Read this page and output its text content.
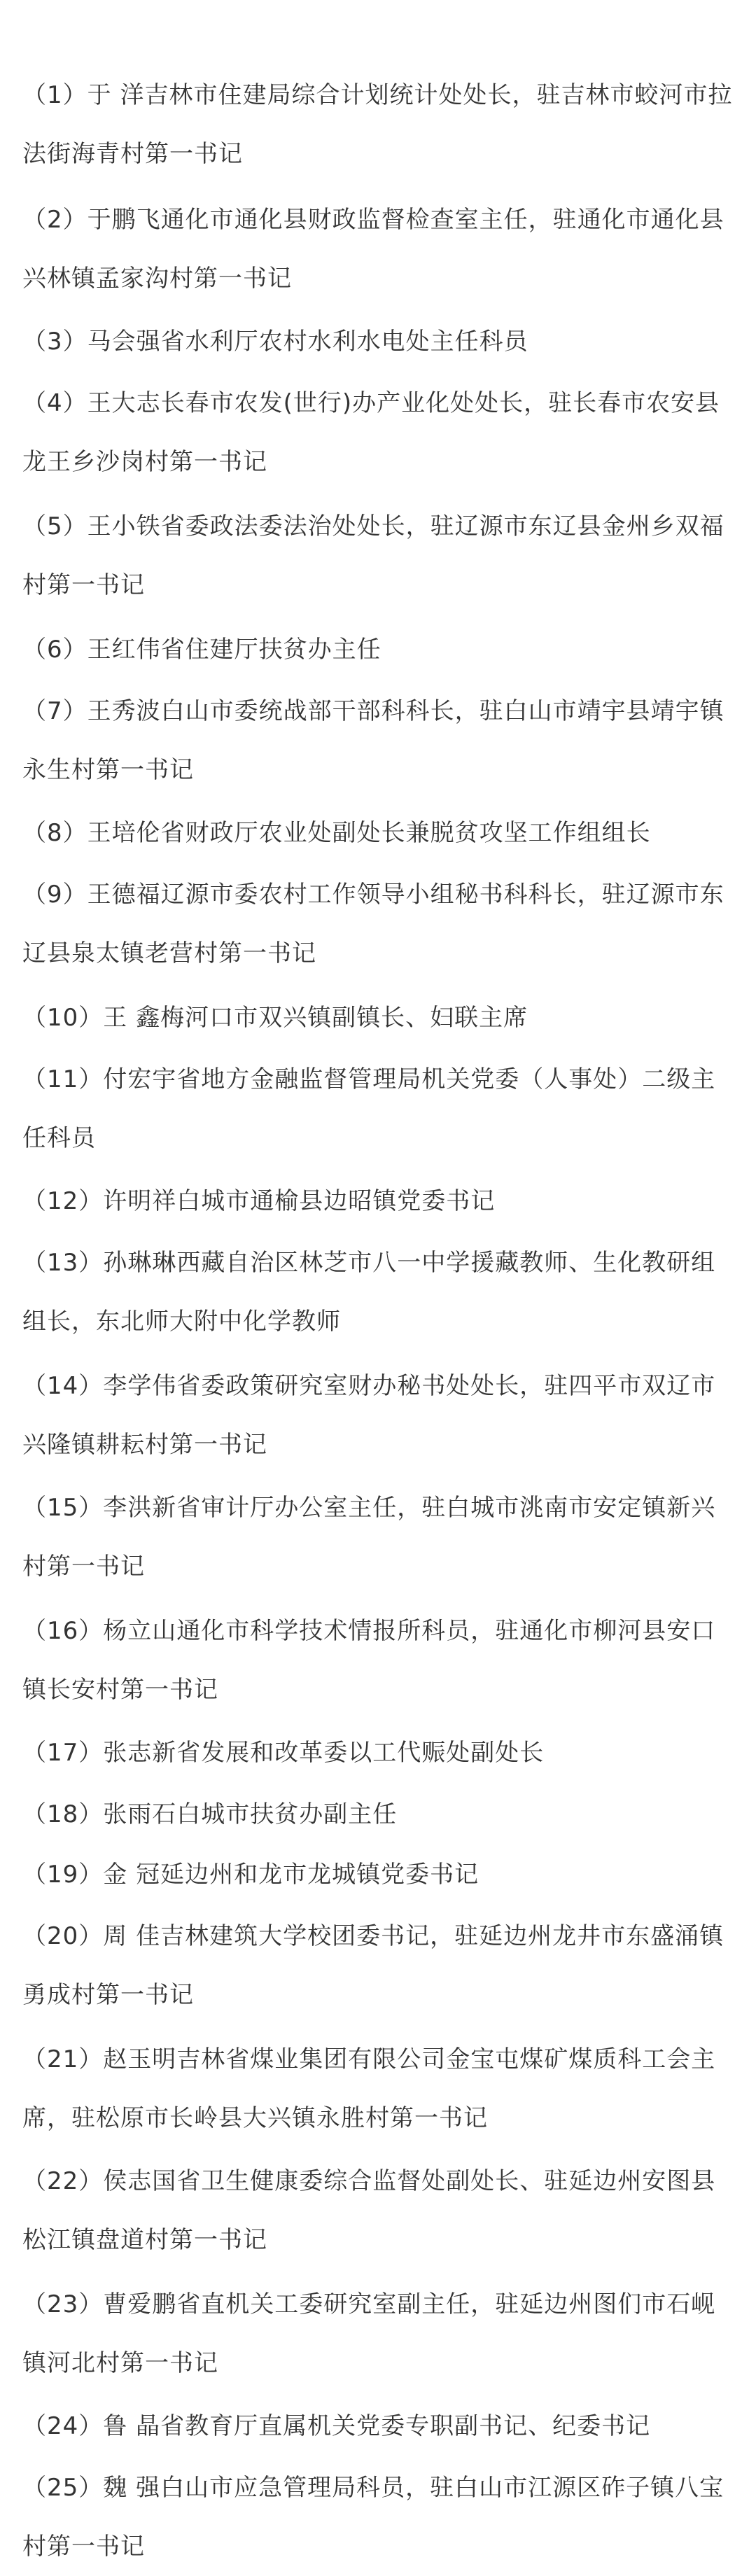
（1）于 洋吉林市住建局综合计划统计处处长，驻吉林市蛟河市拉法街海青村第一书记

（2）于鹏飞通化市通化县财政监督检查室主任，驻通化市通化县兴林镇孟家沟村第一书记

（3）马会强省水利厅农村水利水电处主任科员

（4）王大志长春市农发(世行)办产业化处处长，驻长春市农安县龙王乡沙岗村第一书记

（5）王小铁省委政法委法治处处长，驻辽源市东辽县金州乡双福村第一书记

（6）王红伟省住建厅扶贫办主任

（7）王秀波白山市委统战部干部科科长，驻白山市靖宇县靖宇镇永生村第一书记

（8）王培伦省财政厅农业处副处长兼脱贫攻坚工作组组长

（9）王德福辽源市委农村工作领导小组秘书科科长，驻辽源市东辽县泉太镇老营村第一书记

（10）王 鑫梅河口市双兴镇副镇长、妇联主席

（11）付宏宇省地方金融监督管理局机关党委（人事处）二级主任科员

（12）许明祥白城市通榆县边昭镇党委书记

（13）孙琳琳西藏自治区林芝市八一中学援藏教师、生化教研组组长，东北师大附中化学教师

（14）李学伟省委政策研究室财办秘书处处长，驻四平市双辽市兴隆镇耕耘村第一书记

（15）李洪新省审计厅办公室主任，驻白城市洮南市安定镇新兴村第一书记

（16）杨立山通化市科学技术情报所科员，驻通化市柳河县安口镇长安村第一书记

（17）张志新省发展和改革委以工代赈处副处长

（18）张雨石白城市扶贫办副主任

（19）金 冠延边州和龙市龙城镇党委书记

（20）周 佳吉林建筑大学校团委书记，驻延边州龙井市东盛涌镇勇成村第一书记

（21）赵玉明吉林省煤业集团有限公司金宝屯煤矿煤质科工会主席，驻松原市长岭县大兴镇永胜村第一书记

（22）侯志国省卫生健康委综合监督处副处长、驻延边州安图县松江镇盘道村第一书记

（23）曹爱鹏省直机关工委研究室副主任，驻延边州图们市石岘镇河北村第一书记

（24）鲁 晶省教育厅直属机关党委专职副书记、纪委书记

（25）魏 强白山市应急管理局科员，驻白山市江源区砟子镇八宝村第一书记
